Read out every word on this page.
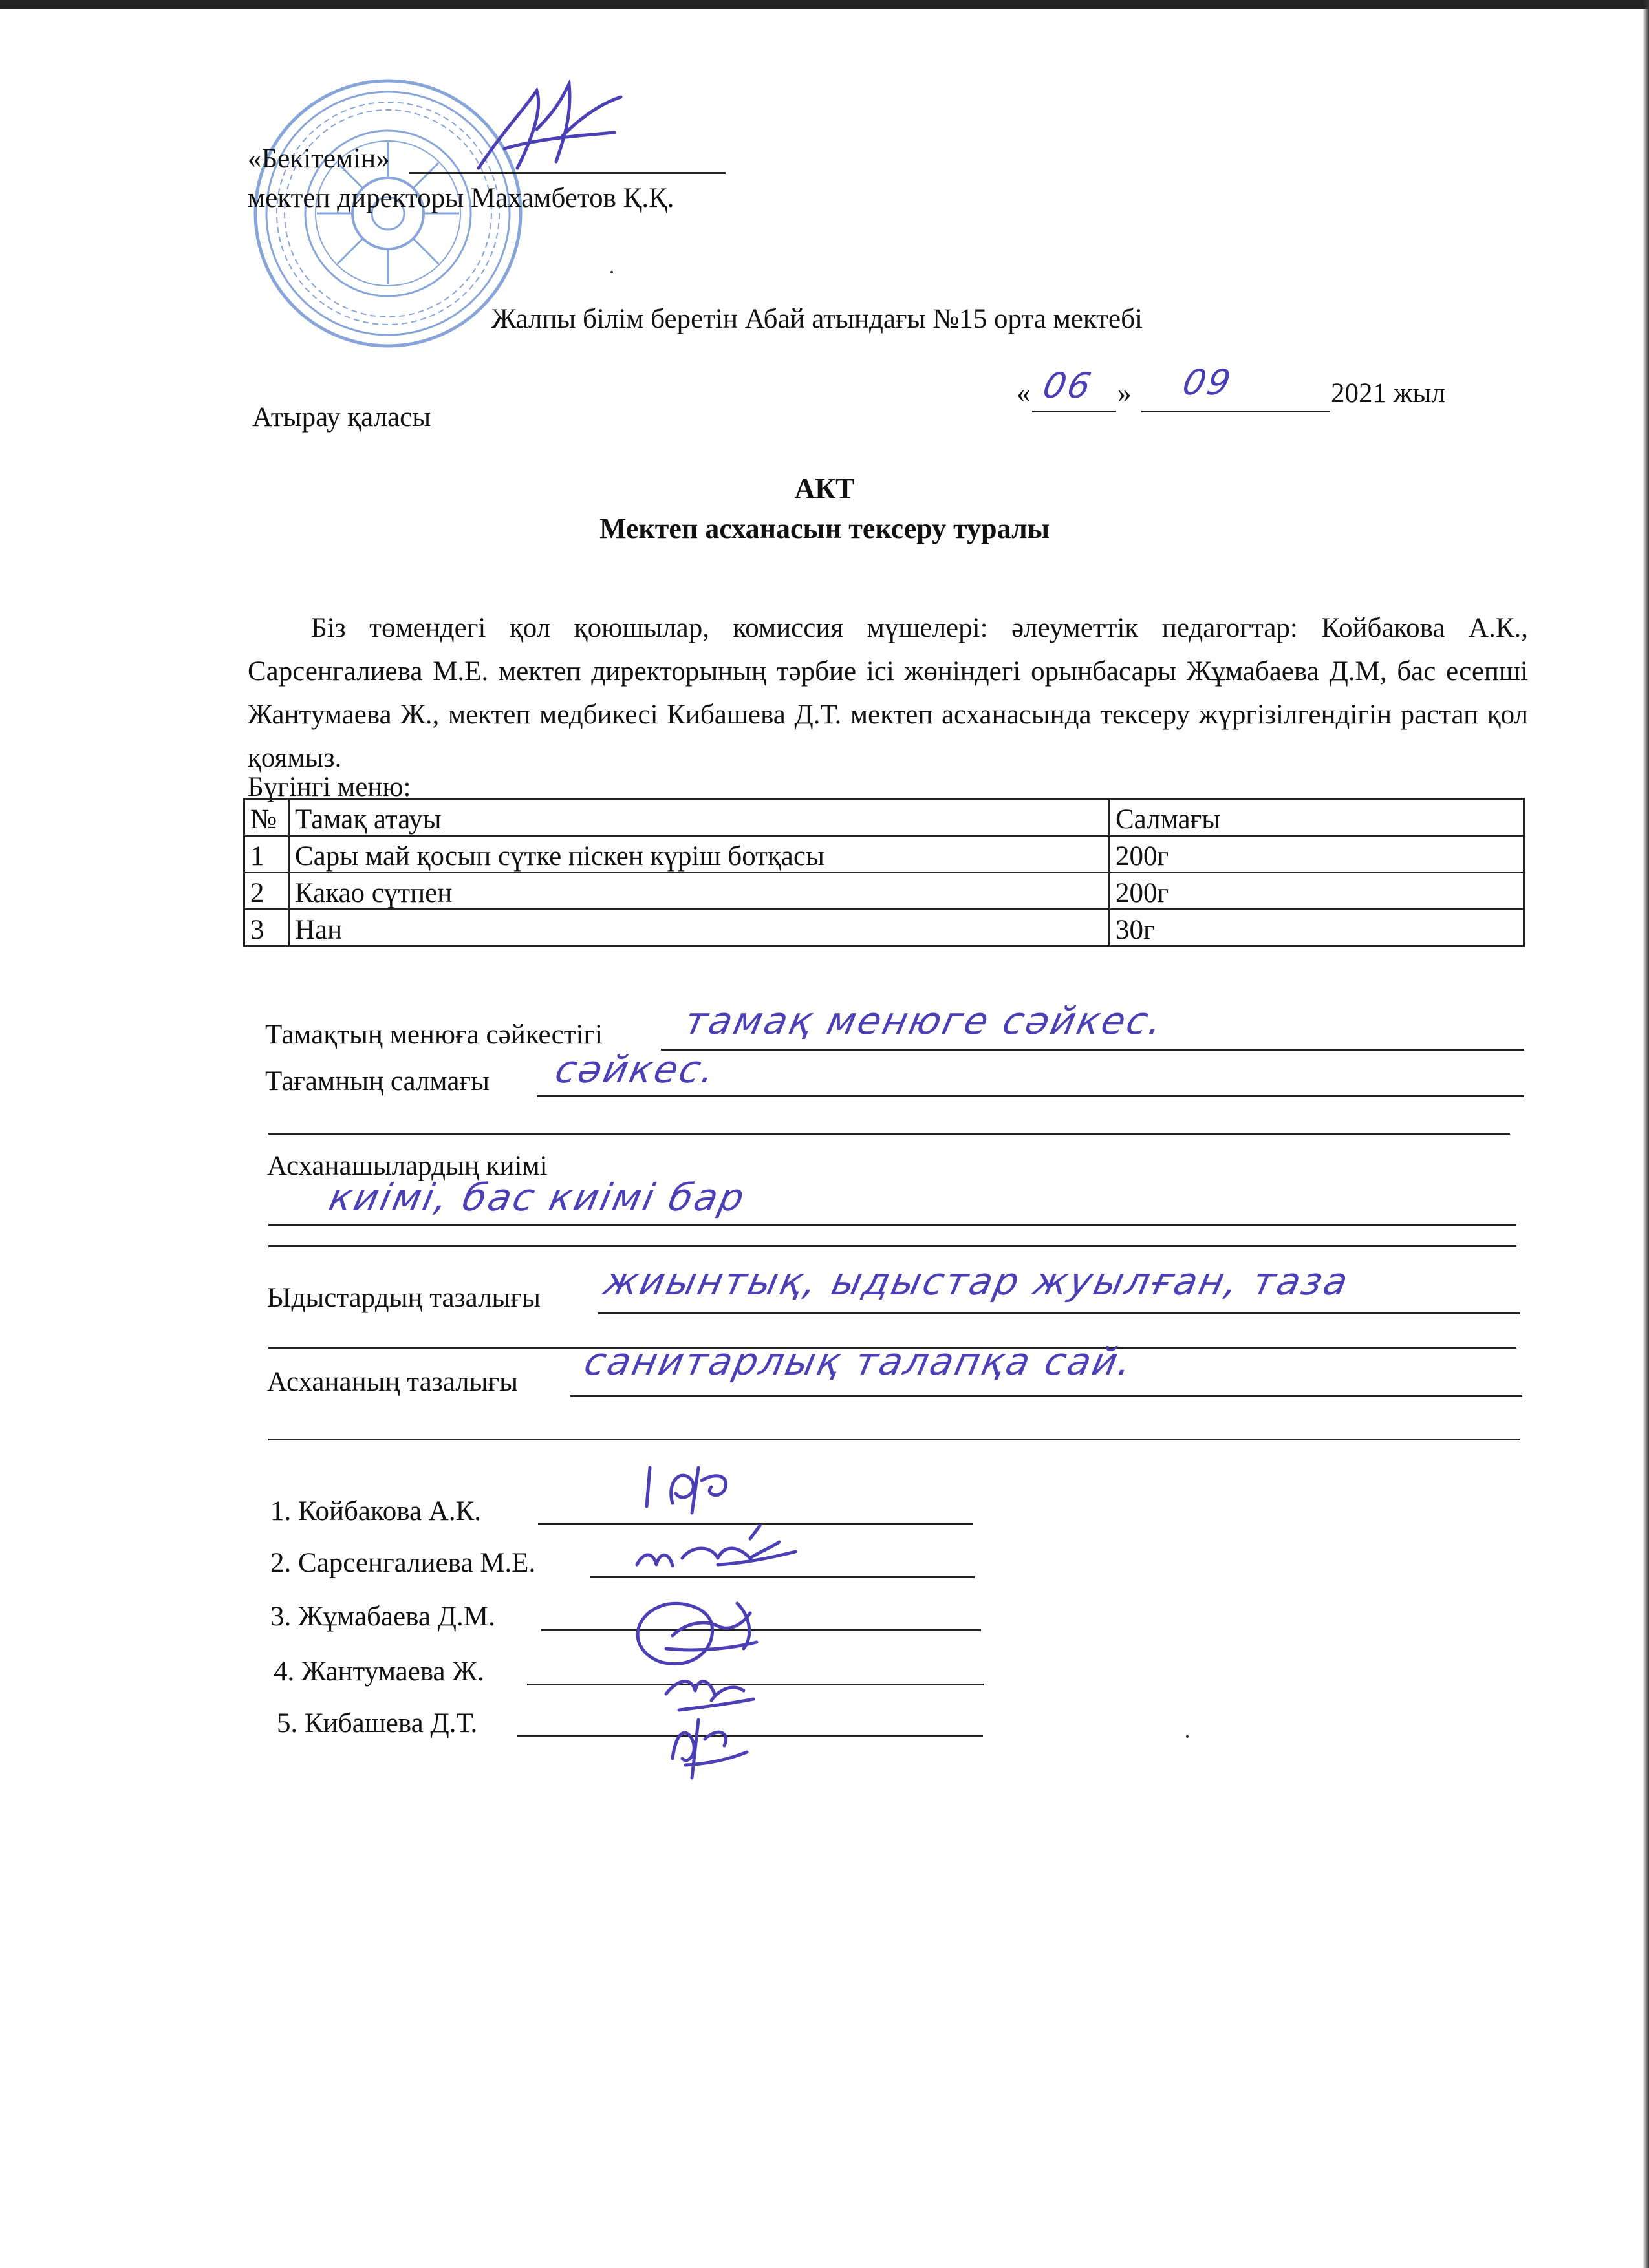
«Бекітемін»
мектеп директоры Махамбетов Қ.Қ.
Жалпы білім беретін Абай атындағы №15 орта мектебі
Атырау қаласы
« 06 » 09	2021 жыл
АКТ
Мектеп асханасын тексеру туралы
Біз төмендегі қол қоюшылар, комиссия мүшелері: әлеуметтік педагогтар: Койбакова А.К., Сарсенгалиева М.Е. мектеп директорының тәрбие ісі жөніндегі орынбасары Жұмабаева Д.М, бас есепші Жантумаева Ж., мектеп медбикесі Кибашева Д.Т. мектеп асханасында тексеру жүргізілгендігін растап қол қоямыз.
Бүгінгі меню:
№	Тамақ атауы	Салмағы
1	Сары май қосып сүтке піскен күріш ботқасы	200г
2	Какао сүтпен	200г
3	Нан	30г
Тамақтың менюға сәйкестігі тамақ менюге сәйкес.
Тағамның салмағы сәйкес.
Асханашылардың киімі
киімі, бас киімі бар
Ыдыстардың тазалығы жиынтық, ыдыстар жуылған, таза
Асхананың тазалығы санитарлық талапқа сай.
1. Койбакова А.К.
2. Сарсенгалиева М.Е.
3. Жұмабаева Д.М.
4. Жантумаева Ж.
5. Кибашева Д.Т.	·
·
